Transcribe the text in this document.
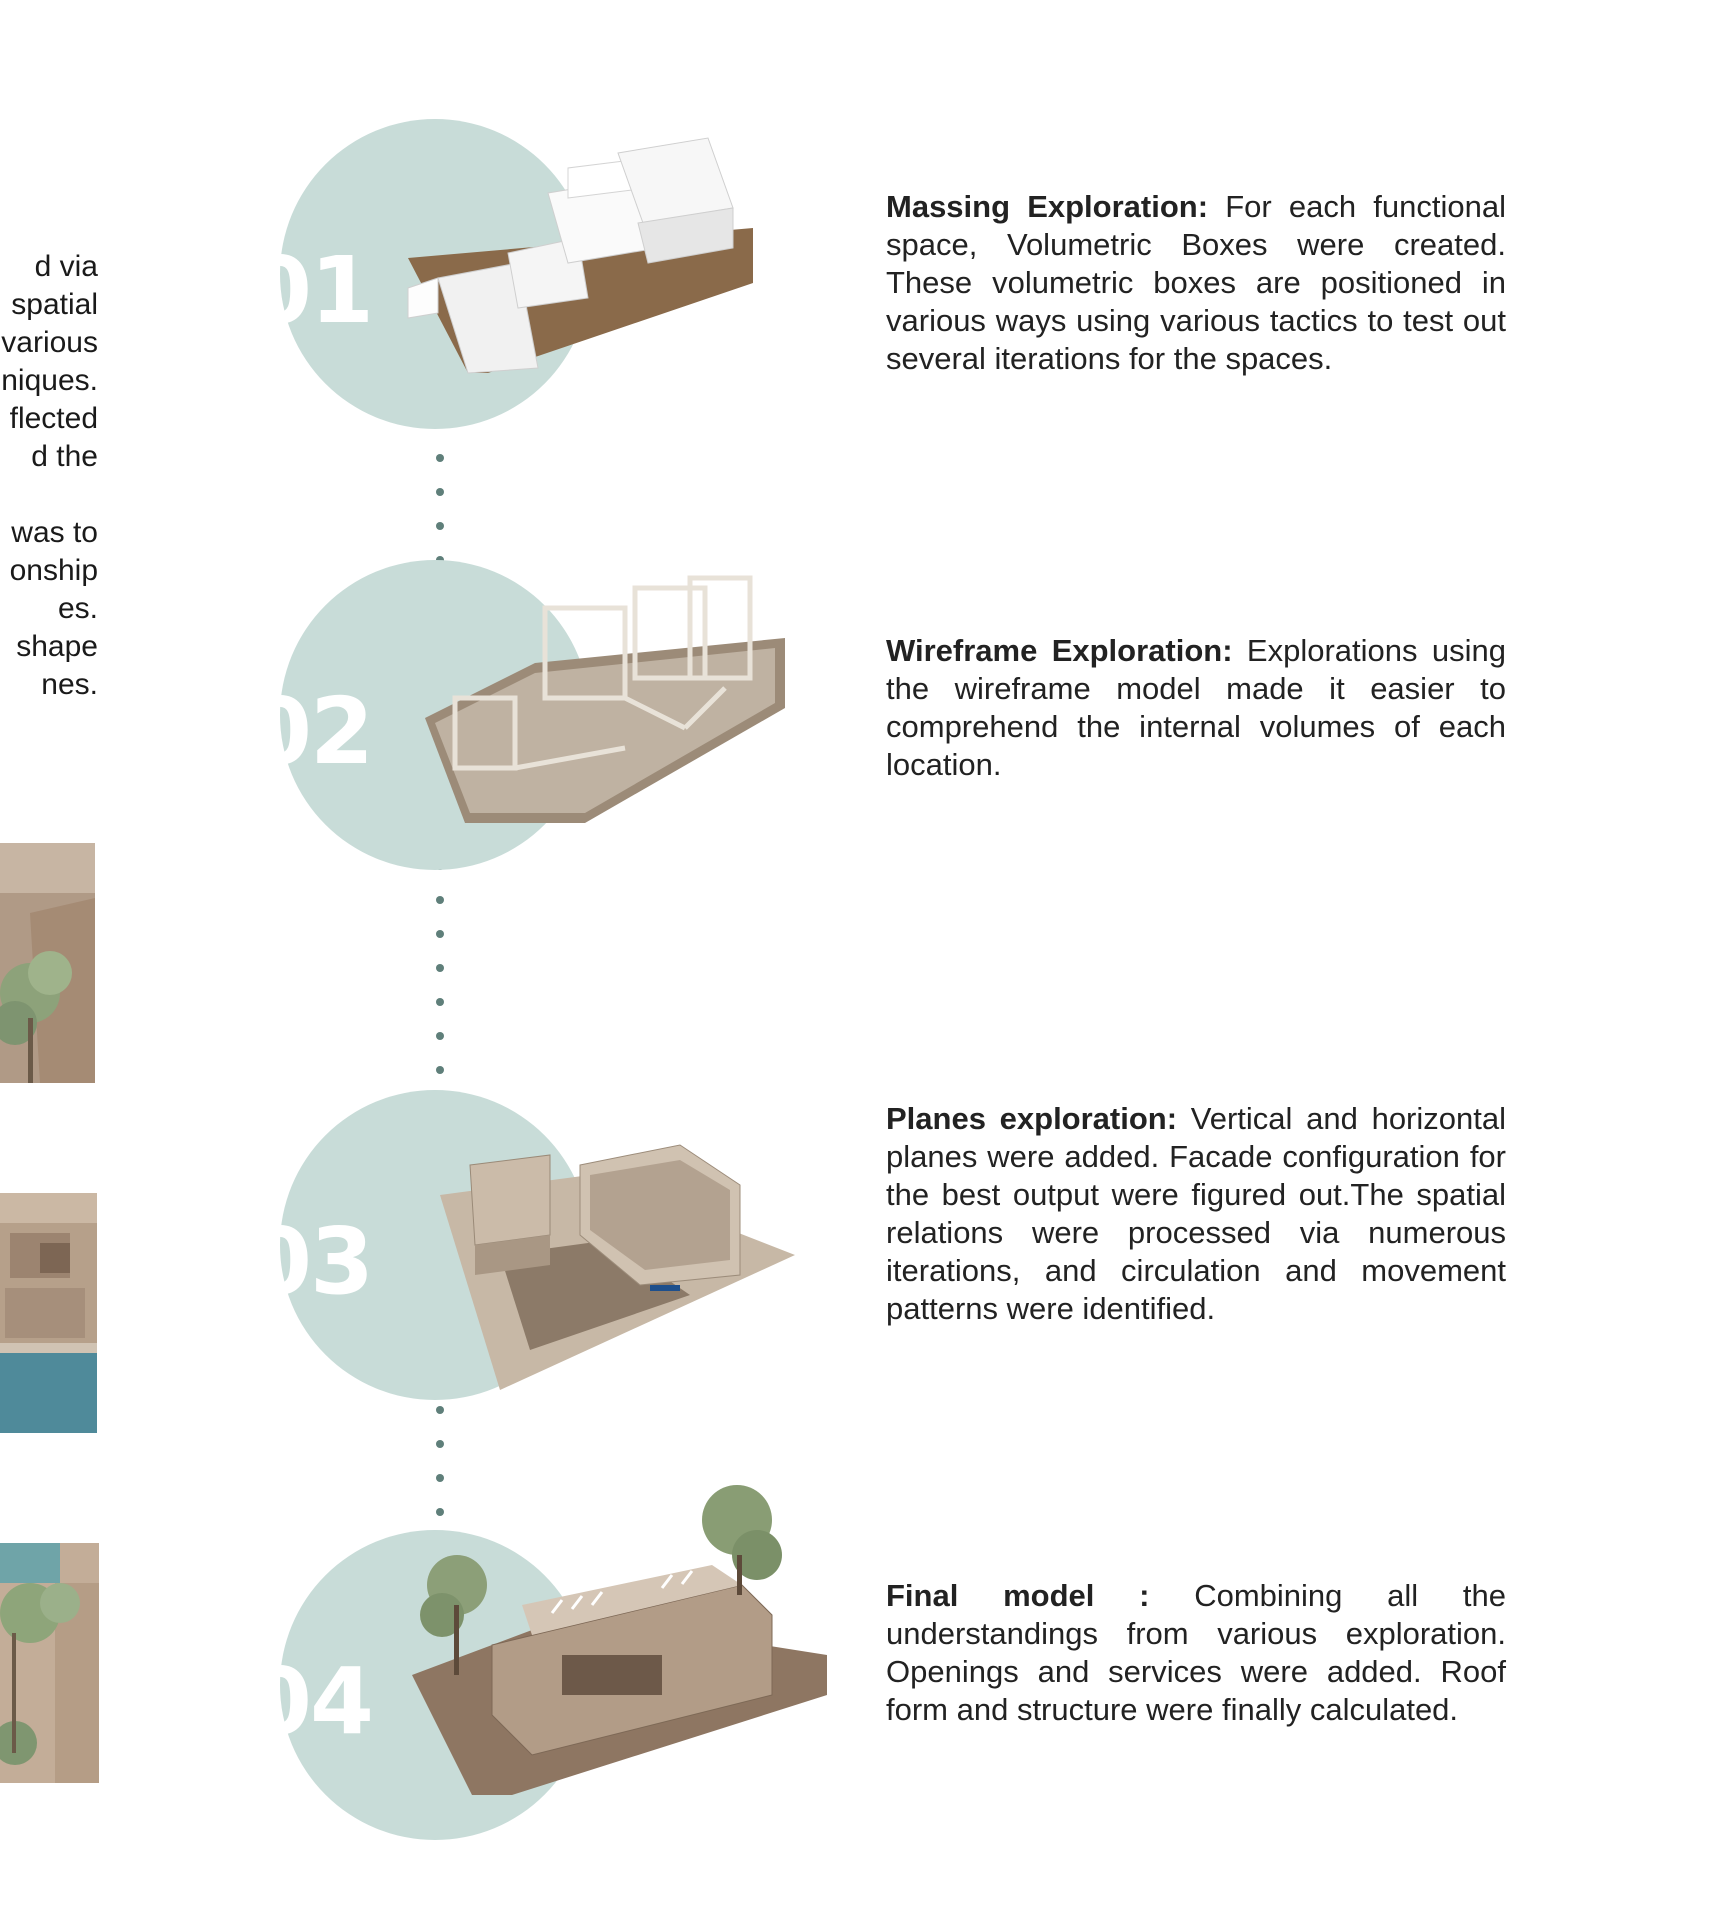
d via
spatial
various
niques.
flected
d the
was to
onship
es.
shape
nes.
01
02
03
04
Massing Exploration: For each functional space, Volumetric Boxes were created. These volumetric boxes are positioned in various ways using various tactics to test out several iterations for the spaces.
Wireframe Exploration: Explorations using the wireframe model made it easier to comprehend the internal volumes of each location.
Planes exploration: Vertical and horizontal planes were added. Facade configuration for the best output were figured out.The spatial relations were processed via numerous iterations, and circulation and movement patterns were identified.
Final model : Combining all the understandings from various exploration. Openings and services were added. Roof form and structure were finally calculated.
